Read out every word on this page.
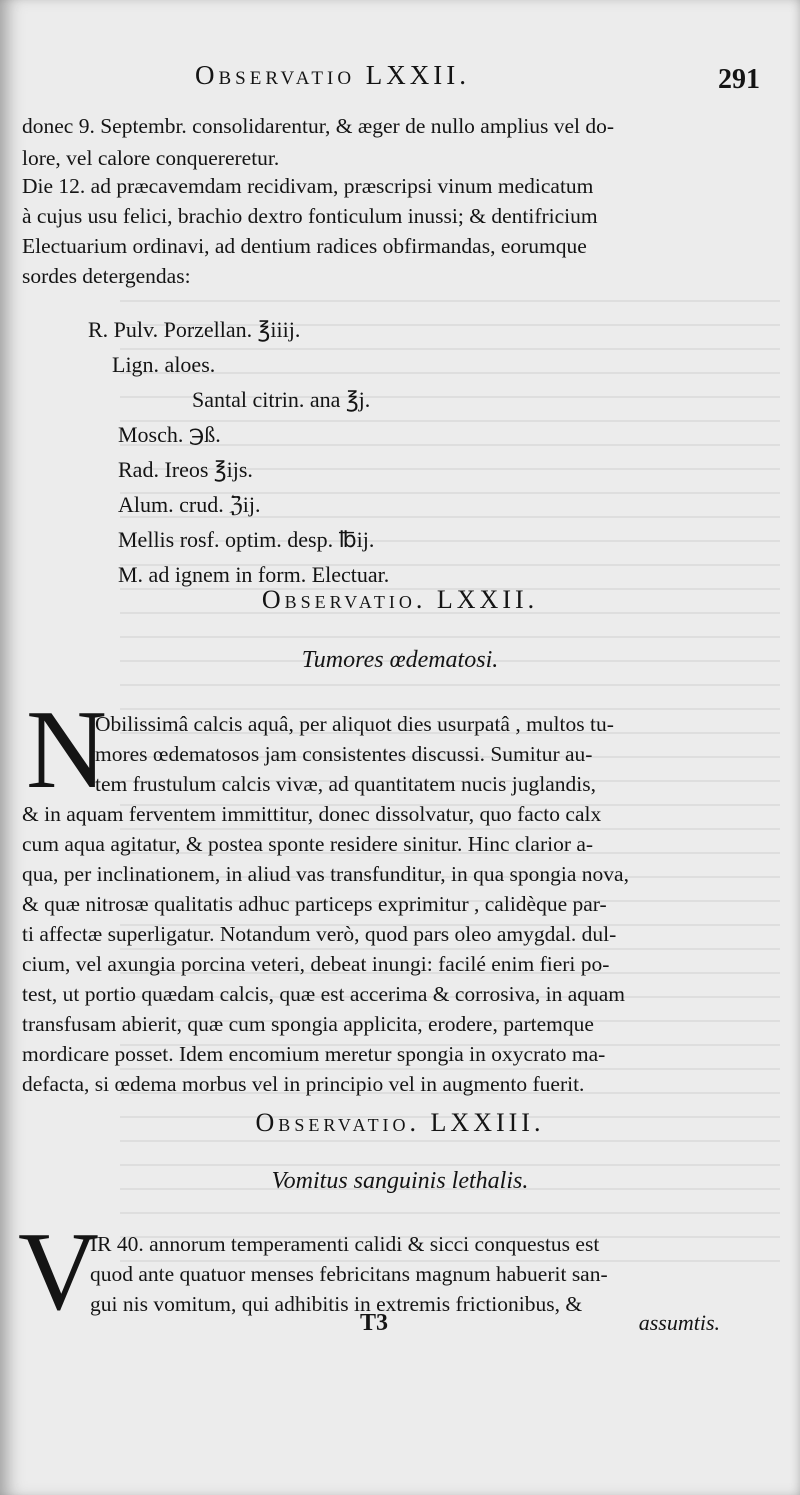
Observatio LXXII.	291
donec 9. Septembr. consolidarentur, & æger de nullo amplius vel do-
lore, vel calore conquereretur.
Die 12. ad præcavemdam recidivam, præscripsi vinum medicatum
à cujus usu felici, brachio dextro fonticulum inussi; & dentifricium
Electuarium ordinavi, ad dentium radices obfirmandas, eorumque
sordes detergendas:
R. Pulv. Porzellan. ℥iiij.
Lign. aloes.
Santal citrin. ana ℥j.
Mosch. ℈ß.
Rad. Ireos ℥ijs.
Alum. crud. ℨij.
Mellis rosf. optim. desp. ℔ij.
M. ad ignem in form. Electuar.
Observatio. LXXII.
Tumores œdematosi.
N
Obilissimâ calcis aquâ, per aliquot dies usurpatâ , multos tu-
mores œdematosos jam consistentes discussi. Sumitur au-
tem frustulum calcis vivæ, ad quantitatem nucis juglandis,
& in aquam ferventem immittitur, donec dissolvatur, quo facto calx
cum aqua agitatur, & postea sponte residere sinitur. Hinc clarior a-
qua, per inclinationem, in aliud vas transfunditur, in qua spongia nova,
& quæ nitrosæ qualitatis adhuc particeps exprimitur , calidèque par-
ti affectæ superligatur. Notandum verò, quod pars oleo amygdal. dul-
cium, vel axungia porcina veteri, debeat inungi: facilé enim fieri po-
test, ut portio quædam calcis, quæ est accerima & corrosiva, in aquam
transfusam abierit, quæ cum spongia applicita, erodere, partemque
mordicare posset. Idem encomium meretur spongia in oxycrato ma-
defacta, si œdema morbus vel in principio vel in augmento fuerit.
Observatio. LXXIII.
Vomitus sanguinis lethalis.
V
IR 40. annorum temperamenti calidi & sicci conquestus est
quod ante quatuor menses febricitans magnum habuerit san-
gui nis vomitum, qui adhibitis in extremis frictionibus, &
T3	assumtis.
